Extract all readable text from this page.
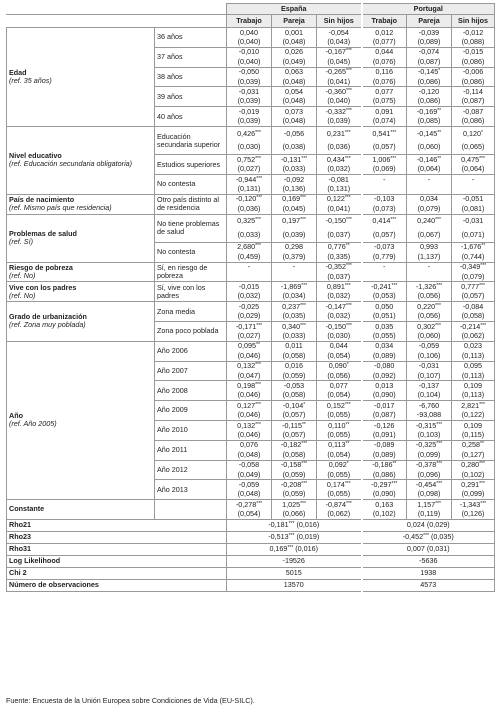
		España			Portugal		
		Trabajo	Pareja	Sin hijos	Trabajo	Pareja	Sin hijos
Edad
(ref. 35 años)	36 años	0,040	0,001	-0,054	0,012	-0,039	-0,012
		(0,040)	(0,048)	(0,043)	(0,077)	(0,089)	(0,088)
	37 años	-0,010	0,026	-0,167***	0,044	-0,074	-0,015
		(0,040)	(0,049)	(0,045)	(0,076)	(0,087)	(0,086)
	38 años	-0,050	0,063	-0,265***	0,116	-0,145*	-0,006
		(0,039)	(0,048)	(0,041)	(0,076)	(0,086)	(0,086)
	39 años	-0,031	0,054	-0,360***	0,077	-0,120	-0,114
		(0,039)	(0,048)	(0,040)	(0,075)	(0,086)	(0,087)
	40 años	-0,019	0,073	-0,332***	0,091	-0,169**	-0,087
		(0,039)	(0,048)	(0,039)	(0,074)	(0,085)	(0,086)
Nivel educativo
(ref. Educación secundaria obligatoria)	Educación secundaria superior	0,426***	-0,056	0,231***	0,541***	-0,145**	0,120*
		(0,030)	(0,038)	(0,036)	(0,057)	(0,060)	(0,065)
	Estudios superiores	0,752***	-0,131***	0,434***	1,006***	-0,146**	0,475***
		(0,027)	(0,033)	(0,032)	(0,069)	(0,064)	(0,064)
	No contesta	-0,944***	-0,092	-0,081	-	-	-
		(0,131)	(0,136)	(0,131)			
País de nacimiento
(ref. Mismo país que residencia)	Otro país distinto al de residencia	-0,120***	0,169***	0,122***	-0,103	0,034	-0,051
		(0,036)	(0,045)	(0,041)	(0,073)	(0,079)	(0,081)
Problemas de salud
(ref. Sí)	No tiene problemas de salud	0,325***	0,197***	-0,150***	0,414***	0,240***	-0,031
		(0,033)	(0,039)	(0,037)	(0,057)	(0,067)	(0,071)
	No contesta	2,680***	0,298	0,776**	-0,073	0,993	-1,676**
		(0,459)	(0,379)	(0,335)	(0,779)	(1,137)	(0,744)
Riesgo de pobreza
(ref. No)	Sí, en riesgo de pobreza	-	-	-0,352***	-	-	-0,349***
				(0,037)			(0,079)
Vive con los padres
(ref. No)	Sí, vive con los padres	-0,015	-1,869***	0,891***	-0,241***	-1,326***	0,777***
		(0,032)	(0,034)	(0,032)	(0,053)	(0,056)	(0,057)
Grado de urbanización
(ref. Zona muy poblada)	Zona media	-0,025	0,237***	-0,147***	0,050	0,220***	-0,084
		(0,029)	(0,035)	(0,032)	(0,051)	(0,056)	(0,058)
	Zona poco poblada	-0,171***	0,340***	-0,150***	0,035	0,302***	-0,214***
		(0,027)	(0,033)	(0,030)	(0,055)	(0,060)	(0,062)
Año
(ref. Año 2005)	Año 2006	0,095**	0,011	0,044	0,034	-0,059	0,023
		(0,046)	(0,058)	(0,054)	(0,089)	(0,106)	(0,113)
	Año 2007	0,132***	0,016	0,090*	-0,080	-0,031	0,095
		(0,047)	(0,059)	(0,056)	(0,092)	(0,107)	(0,113)
	Año 2008	0,198***	-0,053	0,077	0,013	-0,137	0,109
		(0,046)	(0,058)	(0,054)	(0,090)	(0,104)	(0,113)
	Año 2009	0,127***	-0,104*	0,152***	-0,017	-6,760	2,821***
		(0,046)	(0,057)	(0,055)	(0,087)	-93,088	(0,122)
	Año 2010	0,132***	-0,115**	0,110**	-0,126	-0,315***	0,109
		(0,046)	(0,057)	(0,055)	(0,091)	(0,103)	(0,115)
	Año 2011	0,076	-0,182***	0,113**	-0,089	-0,325***	0,258**
		(0,048)	(0,058)	(0,054)	(0,089)	(0,099)	(0,127)
	Año 2012	-0,058	-0,158***	0,092*	-0,186**	-0,378***	0,280***
		(0,049)	(0,059)	(0,055)	(0,086)	(0,096)	(0,102)
	Año 2013	-0,059	-0,208***	0,174***	-0,297***	-0,454***	0,291***
		(0,048)	(0,059)	(0,055)	(0,090)	(0,098)	(0,099)
Constante		-0,278***	1,025***	-0,874***	0,163	1,157***	-1,343***
		(0,054)	(0,066)	(0,062)	(0,102)	(0,119)	(0,126)
Rho21		-0,181*** (0,016)			0,024 (0,029)		
Rho23		-0,513*** (0,019)			-0,452*** (0,035)		
Rho31		0,169*** (0,016)			0,007 (0,031)		
Log Likelihood		-19526			-5636		
Chi 2		5015			1938		
Número de observaciones		13570			4573		
Fuente: Encuesta de la Unión Europea sobre Condiciones de Vida (EU-SILC).
